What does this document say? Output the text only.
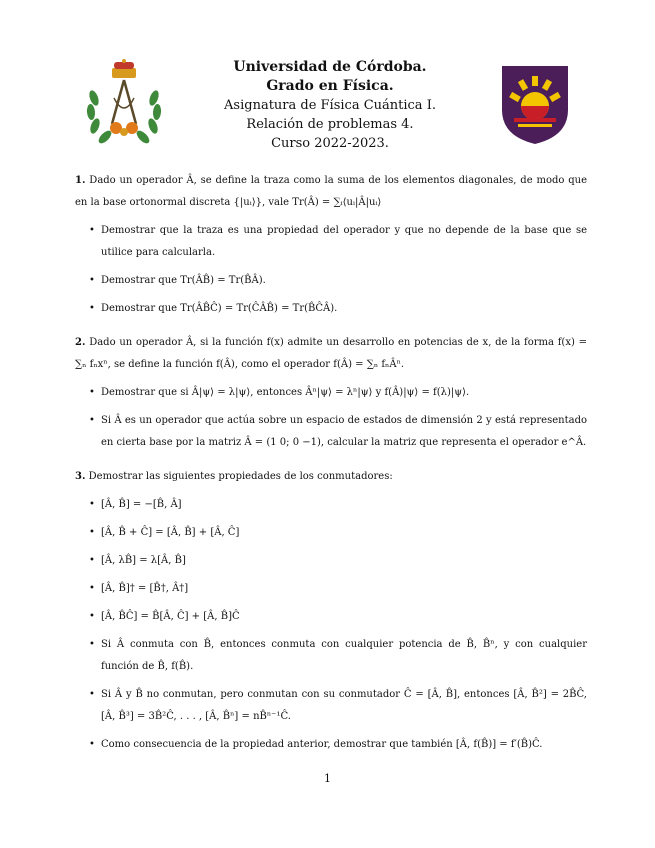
Universidad de Córdoba.
Grado en Física.
Asignatura de Física Cuántica I.
Relación de problemas 4.
Curso 2022-2023.
1. Dado un operador Â, se define la traza como la suma de los elementos diagonales, de modo que en la base ortonormal discreta {|uᵢ⟩}, vale Tr(Â) = ∑ᵢ⟨uᵢ|Â|uᵢ⟩
• Demostrar que la traza es una propiedad del operador y que no depende de la base que se utilice para calcularla.
• Demostrar que Tr(ÂB̂) = Tr(B̂Â).
• Demostrar que Tr(ÂB̂Ĉ) = Tr(ĈÂB̂) = Tr(B̂ĈÂ).
2. Dado un operador Â, si la función f(x) admite un desarrollo en potencias de x, de la forma f(x) = ∑ₙ fₙxⁿ, se define la función f(Â), como el operador f(Â) = ∑ₙ fₙÂⁿ.
• Demostrar que si Â|ψ⟩ = λ|ψ⟩, entonces Âⁿ|ψ⟩ = λⁿ|ψ⟩ y f(Â)|ψ⟩ = f(λ)|ψ⟩.
• Si Â es un operador que actúa sobre un espacio de estados de dimensión 2 y está representado en cierta base por la matriz Â = (1 0; 0 −1), calcular la matriz que representa el operador e^Â.
3. Demostrar las siguientes propiedades de los conmutadores:
• [Â, B̂] = −[B̂, Â]
• [Â, B̂ + Ĉ] = [Â, B̂] + [Â, Ĉ]
• [Â, λB̂] = λ[Â, B̂]
• [Â, B̂]† = [B̂†, Â†]
• [Â, B̂Ĉ] = B̂[Â, Ĉ] + [Â, B̂]Ĉ
• Si Â conmuta con B̂, entonces conmuta con cualquier potencia de B̂, B̂ⁿ, y con cualquier función de B̂, f(B̂).
• Si Â y B̂ no conmutan, pero conmutan con su conmutador Ĉ = [Â, B̂], entonces [Â, B̂²] = 2B̂Ĉ, [Â, B̂³] = 3B̂²Ĉ, . . . , [Â, B̂ⁿ] = nB̂ⁿ⁻¹Ĉ.
• Como consecuencia de la propiedad anterior, demostrar que también [Â, f(B̂)] = f′(B̂)Ĉ.
1
